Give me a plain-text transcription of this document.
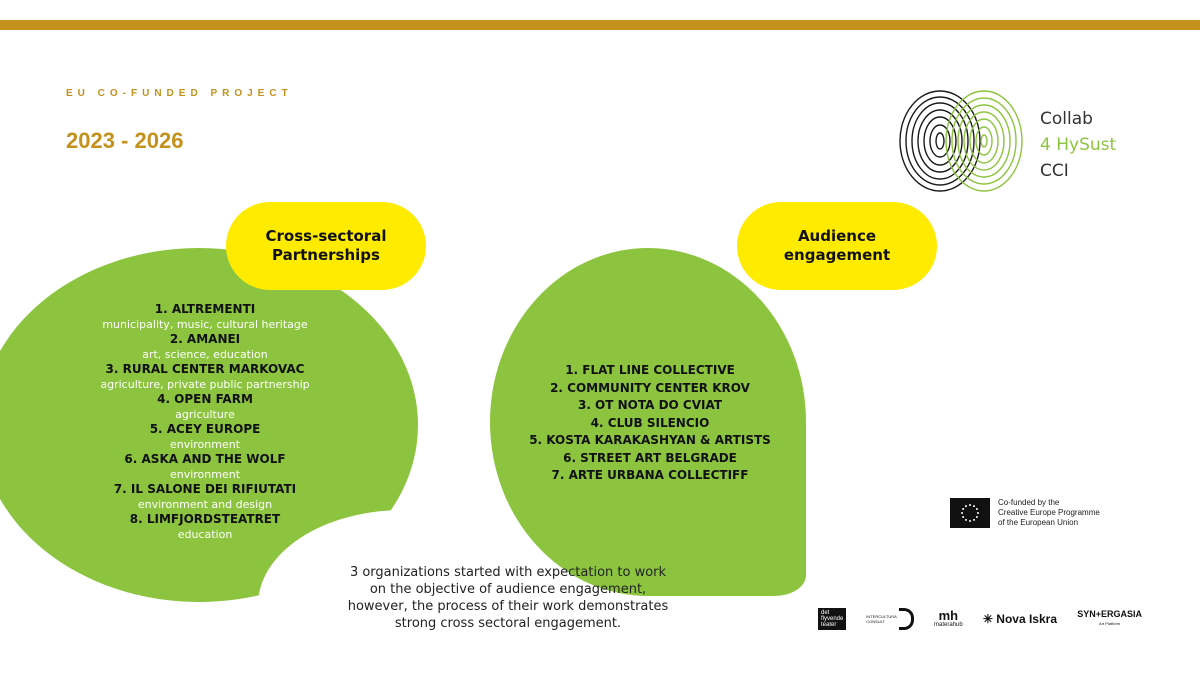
EU CO-FUNDED PROJECT
2023 - 2026
Collab
4 HySust
CCI
Cross-sectoral
Partnerships
Audience
engagement
1. ALTREMENTI
municipality, music, cultural heritage
2. AMANEI
art, science, education
3. RURAL CENTER MARKOVAC
agriculture, private public partnership
4. OPEN FARM
agriculture
5. ACEY EUROPE
environment
6. ASKA AND THE WOLF
environment
7. IL SALONE DEI RIFIUTATI
environment and design
8. LIMFJORDSTEATRET
education
1. FLAT LINE COLLECTIVE
2. COMMUNITY CENTER KROV
3. OT NOTA DO CVIAT
4. CLUB SILENCIO
5. KOSTA KARAKASHYAN & ARTISTS
6. STREET ART BELGRADE
7. ARTE URBANA COLLECTIFF
3 organizations started with expectation to work
on the objective of audience engagement,
however, the process of their work demonstrates
strong cross sectoral engagement.
Co-funded by the
Creative Europe Programme
of the European Union
det
flyvende
teater
INTERCULTURA
CONSULT	mh
materahub ✳ Nova Iskra SYN+ERGASIA
Art Platform
